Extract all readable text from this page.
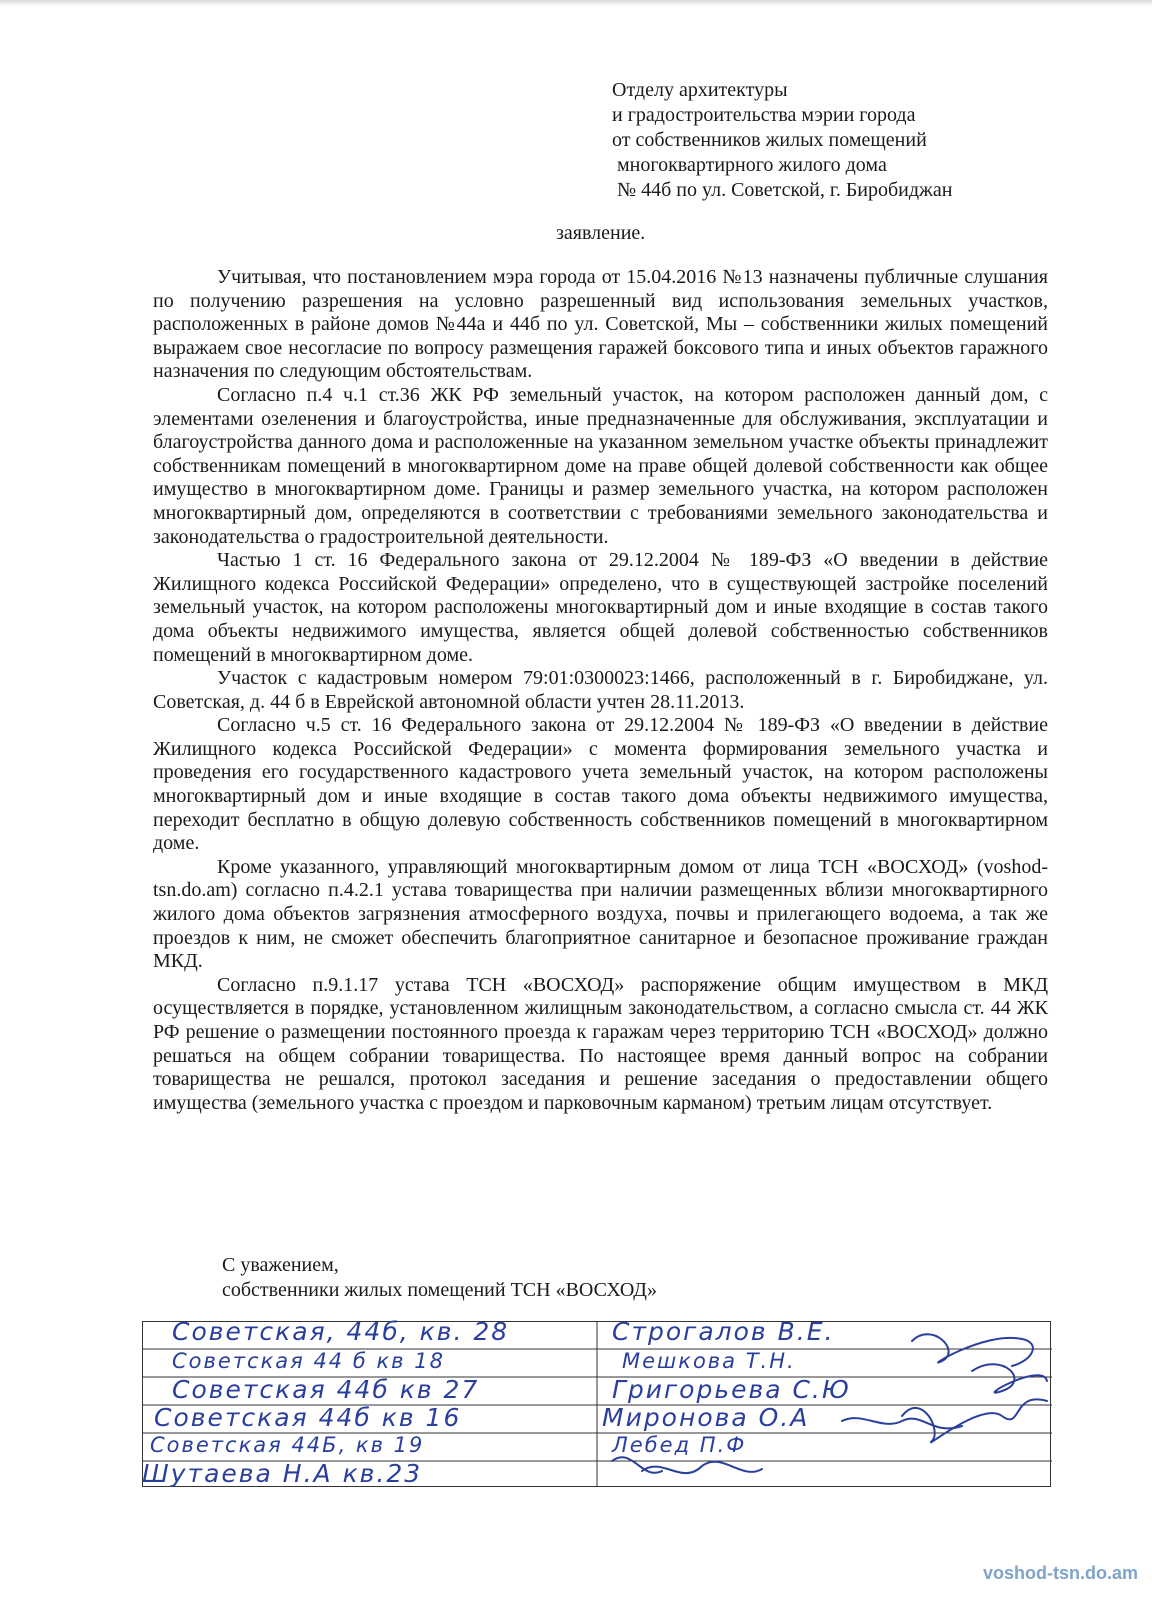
Отделу архитектуры
и градостроительства мэрии города
от собственников жилых помещений
многоквартирного жилого дома
№ 44б по ул. Советской, г. Биробиджан
заявление.

Учитывая, что постановлением мэра города от 15.04.2016 №13 назначены публичные слушания по получению разрешения на условно разрешенный вид использования земельных участков, расположенных в районе домов №44а и 44б по ул. Советской, Мы – собственники жилых помещений выражаем свое несогласие по вопросу размещения гаражей боксового типа и иных объектов гаражного назначения по следующим обстоятельствам.

Согласно п.4 ч.1 ст.36 ЖК РФ земельный участок, на котором расположен данный дом, с элементами озеленения и благоустройства, иные предназначенные для обслуживания, эксплуатации и благоустройства данного дома и расположенные на указанном земельном участке объекты принадлежит собственникам помещений в многоквартирном доме на праве общей долевой собственности как общее имущество в многоквартирном доме. Границы и размер земельного участка, на котором расположен многоквартирный дом, определяются в соответствии с требованиями земельного законодательства и законодательства о градостроительной деятельности.

Частью 1 ст. 16 Федерального закона от 29.12.2004 № 189-ФЗ «О введении в действие Жилищного кодекса Российской Федерации» определено, что в существующей застройке поселений земельный участок, на котором расположены многоквартирный дом и иные входящие в состав такого дома объекты недвижимого имущества, является общей долевой собственностью собственников помещений в многоквартирном доме.

Участок с кадастровым номером 79:01:0300023:1466, расположенный в г. Биробиджане, ул. Советская, д. 44 б в Еврейской автономной области учтен 28.11.2013.

Согласно ч.5 ст. 16 Федерального закона от 29.12.2004 № 189-ФЗ «О введении в действие Жилищного кодекса Российской Федерации» с момента формирования земельного участка и проведения его государственного кадастрового учета земельный участок, на котором расположены многоквартирный дом и иные входящие в состав такого дома объекты недвижимого имущества, переходит бесплатно в общую долевую собственность собственников помещений в многоквартирном доме.

Кроме указанного, управляющий многоквартирным домом от лица ТСН «ВОСХОД» (voshod-tsn.do.am) согласно п.4.2.1 устава товарищества при наличии размещенных вблизи многоквартирного жилого дома объектов загрязнения атмосферного воздуха, почвы и прилегающего водоема, а так же проездов к ним, не сможет обеспечить благоприятное санитарное и безопасное проживание граждан МКД.

Согласно п.9.1.17 устава ТСН «ВОСХОД» распоряжение общим имуществом в МКД осуществляется в порядке, установленном жилищным законодательством, а согласно смысла ст. 44 ЖК РФ решение о размещении постоянного проезда к гаражам через территорию ТСН «ВОСХОД» должно решаться на общем собрании товарищества. По настоящее время данный вопрос на собрании товарищества не решался, протокол заседания и решение заседания о предоставлении общего имущества (земельного участка с проездом и парковочным карманом) третьим лицам отсутствует.

С уважением,
собственники жилых помещений ТСН «ВОСХОД»
Советская, 44б, кв. 28
Советская 44 б кв 18
Советская 44б кв 27
Советская 44б кв 16
Советская 44Б, кв 19
Шутаева Н.А кв.23
Строгалов В.Е.
Мешкова Т.Н.
Григорьева С.Ю
Миронова О.А
Лебед П.Ф
voshod-tsn.do.am
